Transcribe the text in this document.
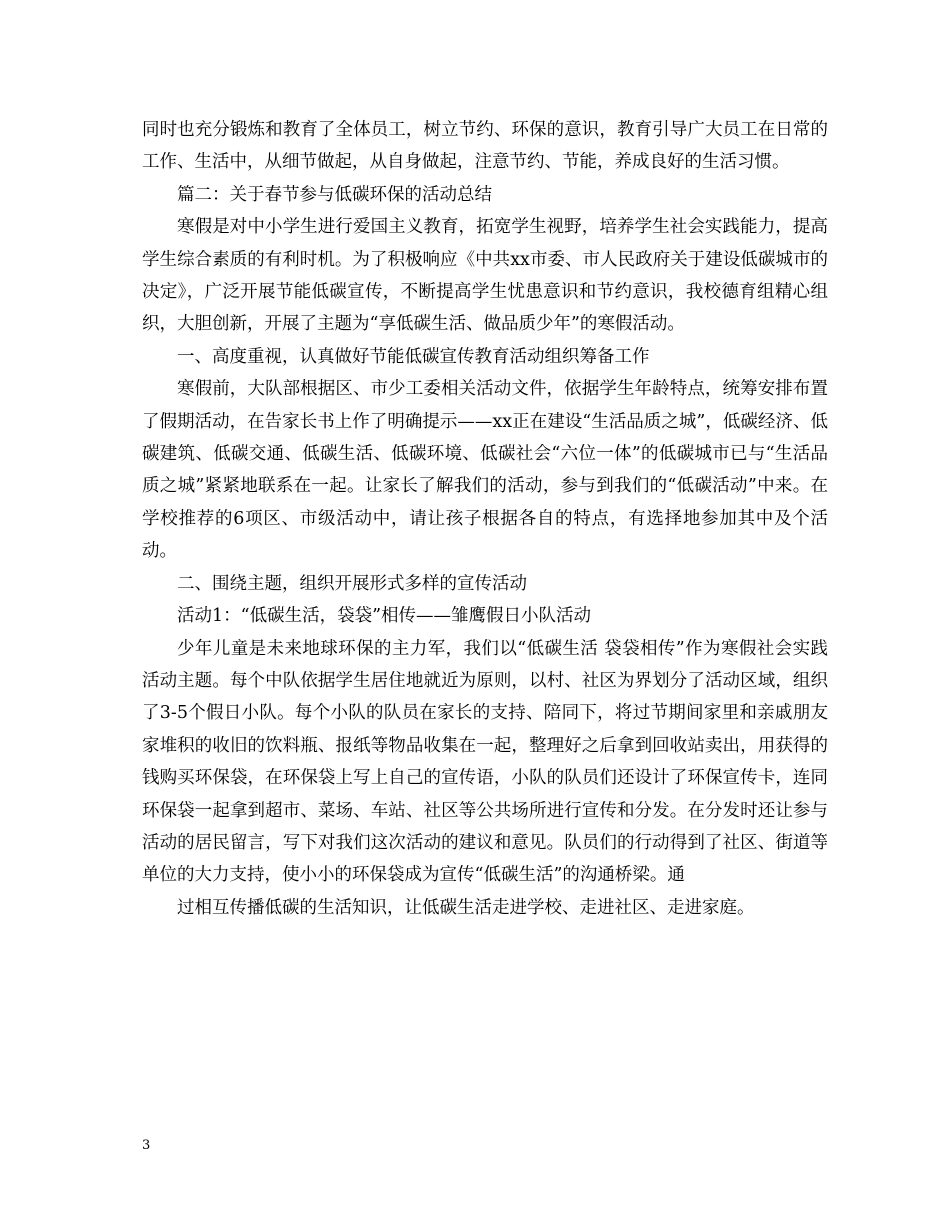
同时也充分锻炼和教育了全体员工，树立节约、环保的意识，教育引导广大员工在日常的工作、生活中，从细节做起，从自身做起，注意节约、节能，养成良好的生活习惯。

篇二：关于春节参与低碳环保的活动总结

寒假是对中小学生进行爱国主义教育，拓宽学生视野，培养学生社会实践能力，提高学生综合素质的有利时机。为了积极响应《中共xx市委、市人民政府关于建设低碳城市的决定》，广泛开展节能低碳宣传，不断提高学生忧患意识和节约意识，我校德育组精心组织，大胆创新，开展了主题为“享低碳生活、做品质少年”的寒假活动。

一、高度重视，认真做好节能低碳宣传教育活动组织筹备工作

寒假前，大队部根据区、市少工委相关活动文件，依据学生年龄特点，统筹安排布置了假期活动，在告家长书上作了明确提示——xx正在建设“生活品质之城”，低碳经济、低碳建筑、低碳交通、低碳生活、低碳环境、低碳社会“六位一体”的低碳城市已与“生活品质之城”紧紧地联系在一起。让家长了解我们的活动，参与到我们的“低碳活动”中来。在学校推荐的6项区、市级活动中，请让孩子根据各自的特点，有选择地参加其中及个活动。

二、围绕主题，组织开展形式多样的宣传活动

活动1：“低碳生活，袋袋”相传——雏鹰假日小队活动

少年儿童是未来地球环保的主力军，我们以“低碳生活 袋袋相传”作为寒假社会实践活动主题。每个中队依据学生居住地就近为原则，以村、社区为界划分了活动区域，组织了3-5个假日小队。每个小队的队员在家长的支持、陪同下，将过节期间家里和亲戚朋友家堆积的收旧的饮料瓶、报纸等物品收集在一起，整理好之后拿到回收站卖出，用获得的钱购买环保袋，在环保袋上写上自己的宣传语，小队的队员们还设计了环保宣传卡，连同环保袋一起拿到超市、菜场、车站、社区等公共场所进行宣传和分发。在分发时还让参与活动的居民留言，写下对我们这次活动的建议和意见。队员们的行动得到了社区、街道等单位的大力支持，使小小的环保袋成为宣传“低碳生活”的沟通桥梁。通

过相互传播低碳的生活知识，让低碳生活走进学校、走进社区、走进家庭。

3
